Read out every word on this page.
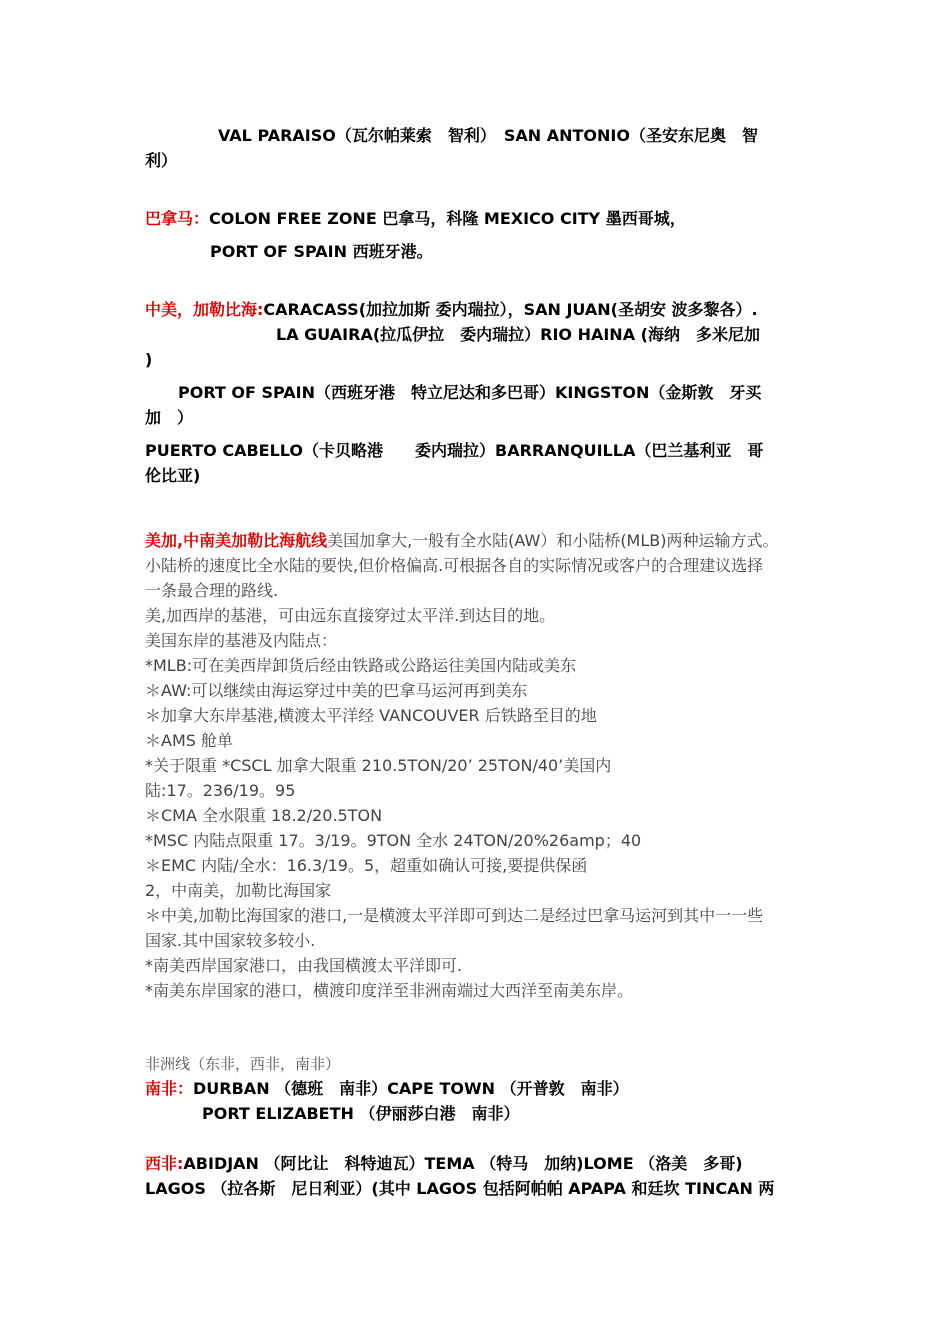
VAL PARAISO（瓦尔帕莱索　智利）　SAN ANTONIO（圣安东尼奥　智
利）
巴拿马：COLON FREE ZONE 巴拿马，科隆 MEXICO CITY 墨西哥城，
PORT OF SPAIN 西班牙港。
中美，加勒比海:CARACASS(加拉加斯 委内瑞拉），SAN JUAN(圣胡安 波多黎各）.
LA GUAIRA(拉瓜伊拉　委内瑞拉）RIO HAINA (海纳　多米尼加
)
PORT OF SPAIN（西班牙港　特立尼达和多巴哥）KINGSTON（金斯敦　牙买
加　）
PUERTO CABELLO（卡贝略港　　委内瑞拉）BARRANQUILLA（巴兰基利亚　哥
伦比亚)
美加,中南美加勒比海航线美国加拿大,一般有全水陆(AW）和小陆桥(MLB)两种运输方式。
小陆桥的速度比全水陆的要快,但价格偏高.可根据各自的实际情况或客户的合理建议选择
一条最合理的路线.
美,加西岸的基港，可由远东直接穿过太平洋.到达目的地。
美国东岸的基港及内陆点：
*MLB:可在美西岸卸货后经由铁路或公路运往美国内陆或美东
＊AW:可以继续由海运穿过中美的巴拿马运河再到美东
＊加拿大东岸基港,横渡太平洋经 VANCOUVER 后铁路至目的地
＊AMS 舱单
*关于限重 *CSCL 加拿大限重 210.5TON/20’ 25TON/40’美国内
陆:17。236/19。95
＊CMA 全水限重 18.2/20.5TON
*MSC 内陆点限重 17。3/19。9TON 全水 24TON/20%26amp；40
＊EMC 内陆/全水：16.3/19。5，超重如确认可接,要提供保函
2，中南美，加勒比海国家
＊中美,加勒比海国家的港口,一是横渡太平洋即可到达二是经过巴拿马运河到其中一一些
国家.其中国家较多较小.
*南美西岸国家港口，由我国横渡太平洋即可.
*南美东岸国家的港口，横渡印度洋至非洲南端过大西洋至南美东岸。
非洲线（东非，西非，南非）
南非：DURBAN （德班　南非）CAPE TOWN （开普敦　南非）
PORT ELIZABETH （伊丽莎白港　南非）
西非:ABIDJAN （阿比让　科特迪瓦）TEMA （特马　加纳)LOME （洛美　多哥)
LAGOS （拉各斯　尼日利亚）(其中 LAGOS 包括阿帕帕 APAPA 和廷坎 TINCAN 两
